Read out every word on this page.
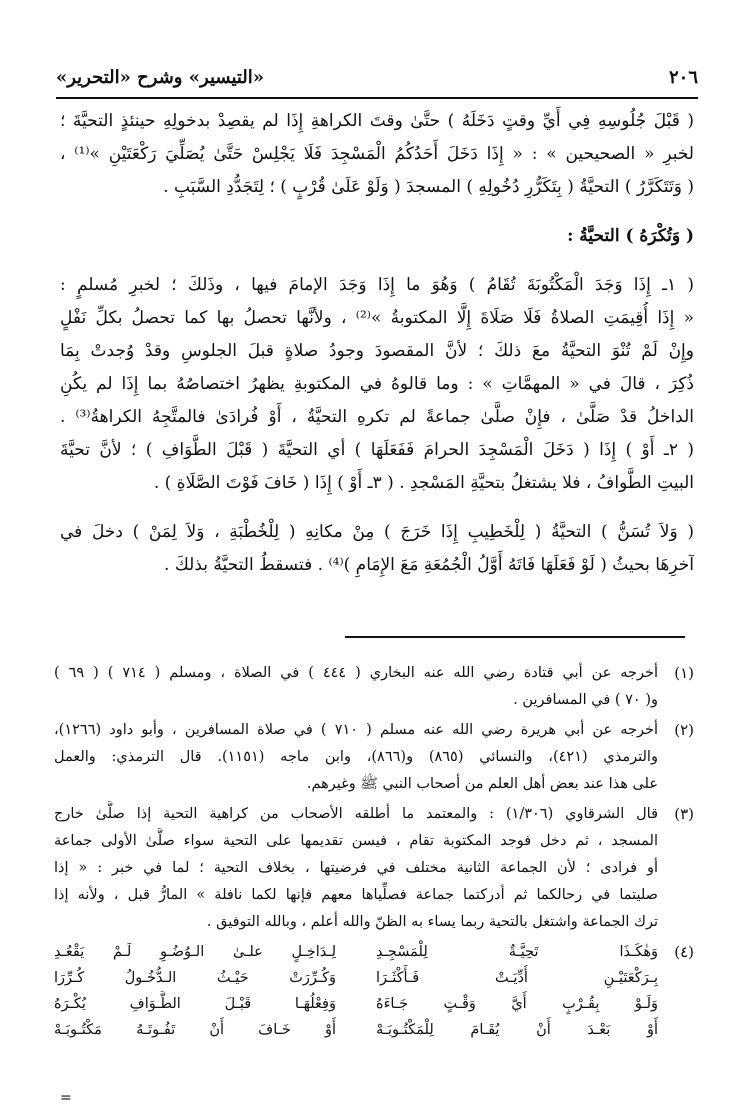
٢٠٦
«التيسير» وشرح «التحرير»
( قَبْلَ جُلُوسِهِ فِي أَيِّ وقتٍ دَخَلَهُ ) حتَّىٰ وقتَ الكراهةِ إِذَا لم يقصِدْ بدخولِهِ حينئذٍ التحيَّةَ ؛
لخبرِ « الصحيحين » : « إِذَا دَخَلَ أَحَدُكُمُ الْمَسْجِدَ فَلَا يَجْلِسْ حَتَّىٰ يُصَلِّيَ رَكْعَتَيْنِ »⁽¹⁾ ،
( وَتَتَكَرَّرُ ) التحيَّةُ ( بِتَكَرُّرِ دُخُولِهِ ) المسجدَ ( وَلَوْ عَلَىٰ قُرْبٍ ) ؛ لِتَجَدُّدِ السَّبَبِ .
( وَتُكْرَهُ ) التحيَّةُ :
( ١ـ إِذَا وَجَدَ الْمَكْتُوبَةَ تُقَامُ ) وَهُوَ ما إِذَا وَجَدَ الإمامَ فيها ، وذَلكَ ؛ لخبرِ مُسلمٍ :
« إِذَا أُقِيمَتِ الصلاةُ فَلَا صَلَاةَ إِلَّا المكتوبةُ »⁽²⁾ ، ولأنَّها تحصلُ بها كما تحصلُ بكلِّ نَفْلٍ
وإِنْ لَمْ تُنْوَ التحيَّةُ معَ ذلكَ ؛ لأنَّ المقصودَ وجودُ صلاةٍ قبلَ الجلوسِ وقدْ وُجدتْ بِمَا
ذُكِرَ ، قالَ في « المهمَّاتِ » : وما قالوهُ في المكتوبةِ يظهرُ اختصاصُهُ بما إِذَا لم يكُنِ
الداخلُ قدْ صَلَّىٰ ، فإِنْ صلَّىٰ جماعةً لم تكرهِ التحيَّةُ ، أَوْ فُرادَىٰ فالمتَّجِهُ الكراهةُ⁽³⁾ .
( ٢ـ أَوْ ) إِذَا ( دَخَلَ الْمَسْجِدَ الحرامَ فَفَعَلَهَا ) أي التحيَّةَ ( قَبْلَ الطَّوَافِ ) ؛ لأنَّ تحيَّةَ
البيتِ الطَّوافُ ، فلا يشتغلُ بتحيَّةِ المَسْجدِ . ( ٣ـ أَوْ ) إِذَا ( خَافَ فَوْتَ الصَّلَاةِ ) .
( وَلاَ تُسَنُّ ) التحيَّةُ ( لِلْخَطِيبِ إِذَا خَرَجَ ) مِنْ مكانِهِ ( لِلْخُطْبَةِ ، وَلاَ لِمَنْ ) دخلَ في
آخرِهَا بحيثُ ( لَوْ فَعَلَهَا فَاتَهُ أَوَّلُ الْجُمُعَةِ مَعَ الإِمَامِ )⁽⁴⁾ . فتسقطُ التحيَّةُ بذلكَ .
(١)
أخرجه عن أبي قتادة رضي الله عنه البخاري ( ٤٤٤ ) في الصلاة ، ومسلم ( ٧١٤ ) ( ٦٩ )
و( ٧٠ ) في المسافرين .
(٢)
أخرجه عن أبي هريرة رضي الله عنه مسلم ( ٧١٠ ) في صلاة المسافرين ، وأبو داود (١٢٦٦)،
والترمذي (٤٢١)، والنسائي (٨٦٥) و(٨٦٦)، وابن ماجه (١١٥١). قال الترمذي: والعمل
على هذا عند بعض أهل العلم من أصحاب النبي ﷺ وغيرهم.
(٣)
قال الشرقاوي (١/٣٠٦) : والمعتمد ما أطلقه الأصحاب من كراهية التحية إذا صلَّىٰ خارج
المسجد ، ثم دخل فوجد المكتوبة تقام ، فيسن تقديمها على التحية سواء صلَّىٰ الأولى جماعة
أو فرادى ؛ لأن الجماعة الثانية مختلف في فرضيتها ، بخلاف التحية ؛ لما في خبر : « إذا
صليتما في رحالكما ثم أدركتما جماعة فصلِّياها معهم فإنها لكما نافلة » المارُّ قبل ، ولأنه إذا
ترك الجماعة واشتغل بالتحية ربما يساء به الظنّ والله أعلم ، وبالله التوفيق .
(٤)
وَهٰكَـذَا تَحِيَّـةٌ لِلْمَسْجِـدِ
لِـدَاخِـلٍ علـىٰ الـوُضُـوِ لَـمْ يَقْعُـدِ
بِـرَكْعَتَيْـنِ أُدِّيَـتْ فَـأَكْثَـرَا
وَكُـرِّرَتْ حَيْـثُ الـدُّخُـولُ كُـرِّرَا
وَلَـوْ بِقُـرْبٍ أَيَّ وَقْـتٍ جَـاءَهُ
وَفِعْلُهَـا قَبْـلَ الطَّـوَافِ يُكْـرَهُ
أَوْ بَعْـدَ أَنْ يُقَـامَ لِلْمَكْتُـوبَـهْ
أَوْ خَـافَ أَنْ تَفُـوتَـهُ مَكْتُـوبَـهْ
=
